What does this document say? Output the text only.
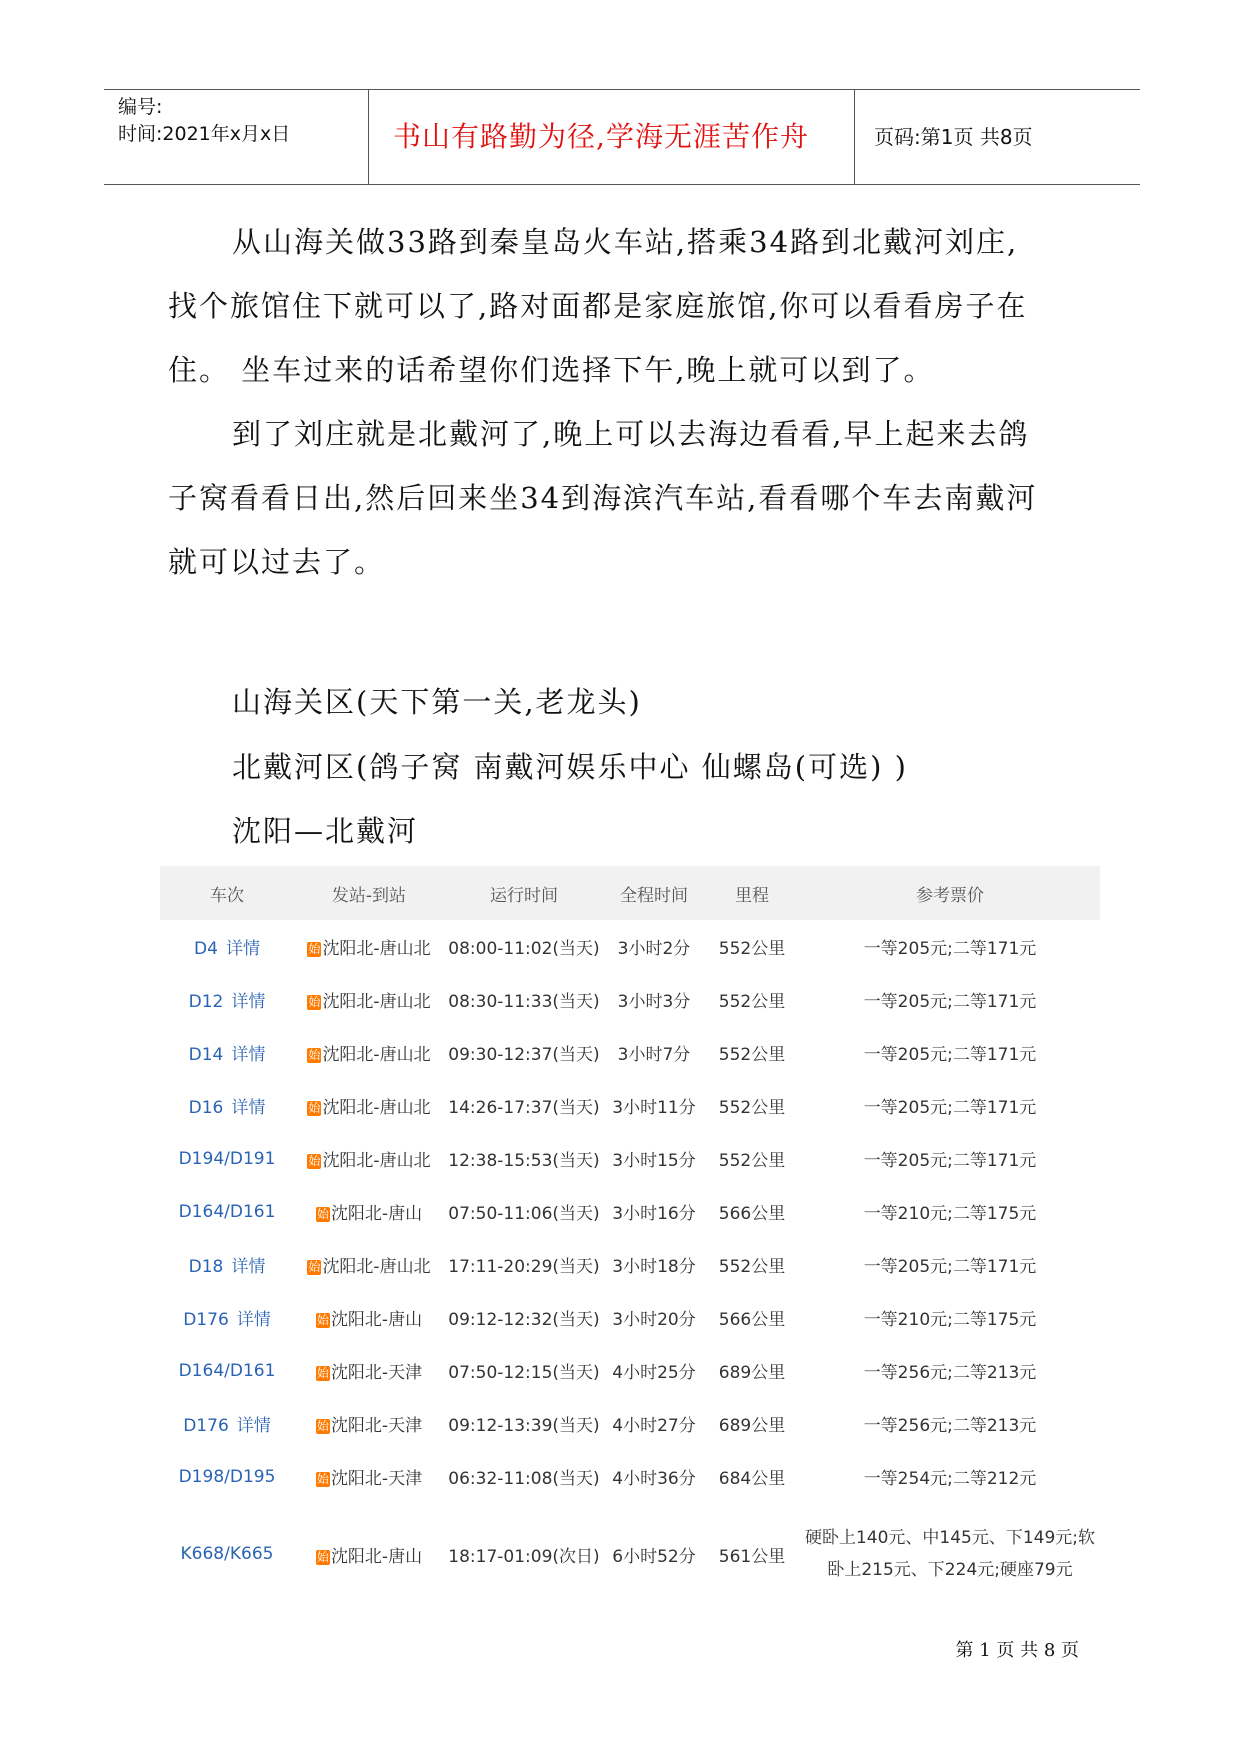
编号:
时间:2021年x月x日	书山有路勤为径,学海无涯苦作舟	页码:第1页 共8页

从山海关做33路到秦皇岛火车站,搭乘34路到北戴河刘庄,

找个旅馆住下就可以了,路对面都是家庭旅馆,你可以看看房子在

住。 坐车过来的话希望你们选择下午,晚上就可以到了。

到了刘庄就是北戴河了,晚上可以去海边看看,早上起来去鸽

子窝看看日出,然后回来坐34到海滨汽车站,看看哪个车去南戴河

就可以过去了。

山海关区(天下第一关,老龙头)
北戴河区(鸽子窝 南戴河娱乐中心 仙螺岛(可选) )
沈阳—北戴河
车次	发站-到站	运行时间	全程时间	里程	参考票价
D4 详情	始 沈阳北-唐山北	08:00-11:02(当天)	3小时2分	552公里	一等205元;二等171元
D12 详情	始 沈阳北-唐山北	08:30-11:33(当天)	3小时3分	552公里	一等205元;二等171元
D14 详情	始 沈阳北-唐山北	09:30-12:37(当天)	3小时7分	552公里	一等205元;二等171元
D16 详情	始 沈阳北-唐山北	14:26-17:37(当天)	3小时11分	552公里	一等205元;二等171元
D194/D191	始 沈阳北-唐山北	12:38-15:53(当天)	3小时15分	552公里	一等205元;二等171元
D164/D161	始 沈阳北-唐山	07:50-11:06(当天)	3小时16分	566公里	一等210元;二等175元
D18 详情	始 沈阳北-唐山北	17:11-20:29(当天)	3小时18分	552公里	一等205元;二等171元
D176 详情	始 沈阳北-唐山	09:12-12:32(当天)	3小时20分	566公里	一等210元;二等175元
D164/D161	始 沈阳北-天津	07:50-12:15(当天)	4小时25分	689公里	一等256元;二等213元
D176 详情	始 沈阳北-天津	09:12-13:39(当天)	4小时27分	689公里	一等256元;二等213元
D198/D195	始 沈阳北-天津	06:32-11:08(当天)	4小时36分	684公里	一等254元;二等212元
K668/K665	始 沈阳北-唐山	18:17-01:09(次日)	6小时52分	561公里	硬卧上140元、中145元、下149元;软卧上215元、下224元;硬座79元
第 1 页 共 8 页
